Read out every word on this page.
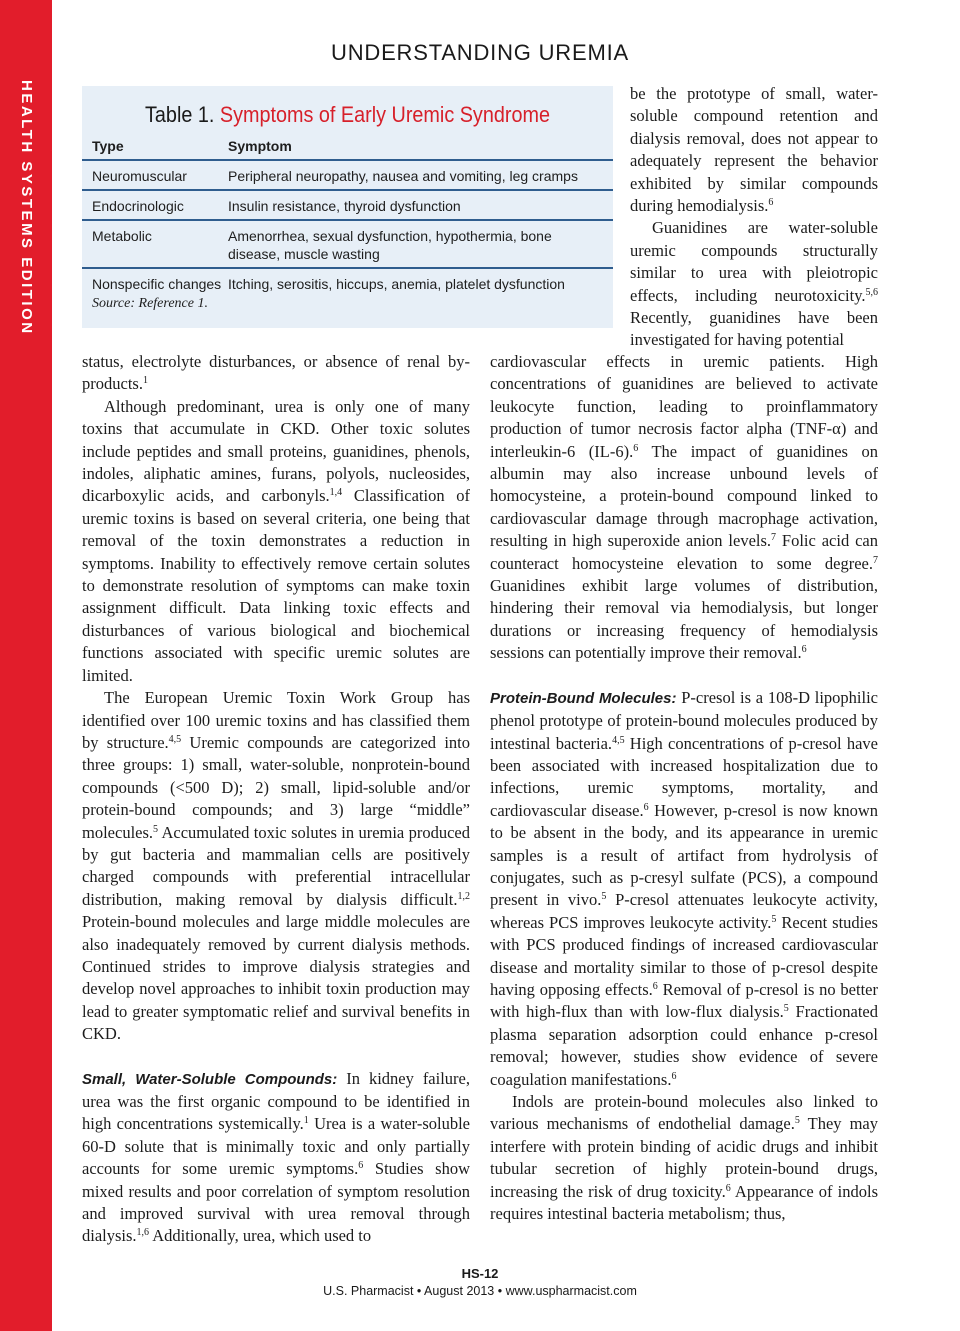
HEALTH SYSTEMS EDITION
UNDERSTANDING UREMIA
Table 1. Symptoms of Early Uremic Syndrome
Type	Symptom
Neuromuscular	Peripheral neuropathy, nausea and vomiting, leg cramps
Endocrinologic	Insulin resistance, thyroid dysfunction
Metabolic	Amenorrhea, sexual dysfunction, hypothermia, bone disease, muscle wasting
Nonspecific changes	Itching, serositis, hiccups, anemia, platelet dysfunction
Source: Reference 1.

be the prototype of small, water-soluble compound retention and dialysis removal, does not appear to adequately represent the behavior exhibited by similar compounds during hemodialysis.$^6$

Guanidines are water-soluble uremic compounds structurally similar to urea with pleiotropic effects, including neurotoxicity.$^{5,6}$ Recently, guanidines have been investigated for having potential

status, electrolyte disturbances, or absence of renal by-products.$^1$

Although predominant, urea is only one of many toxins that accumulate in CKD. Other toxic solutes include peptides and small proteins, guanidines, phenols, indoles, aliphatic amines, furans, polyols, nucleosides, dicarboxylic acids, and carbonyls.$^{1,4}$ Classification of uremic toxins is based on several criteria, one being that removal of the toxin demonstrates a reduction in symptoms. Inability to effectively remove certain solutes to demonstrate resolution of symptoms can make toxin assignment difficult. Data linking toxic effects and disturbances of various biological and biochemical functions associated with specific uremic solutes are limited.

The European Uremic Toxin Work Group has identified over 100 uremic toxins and has classified them by structure.$^{4,5}$ Uremic compounds are categorized into three groups: 1) small, water-soluble, nonprotein-bound compounds (<500 D); 2) small, lipid-soluble and/or protein-bound compounds; and 3) large “middle” molecules.$^5$ Accumulated toxic solutes in uremia produced by gut bacteria and mammalian cells are positively charged compounds with preferential intracellular distribution, making removal by dialysis difficult.$^{1,2}$ Protein-bound molecules and large middle molecules are also inadequately removed by current dialysis methods. Continued strides to improve dialysis strategies and develop novel approaches to inhibit toxin production may lead to greater symptomatic relief and survival benefits in CKD.

Small, Water-Soluble Compounds: In kidney failure, urea was the first organic compound to be identified in high concentrations systemically.$^1$ Urea is a water-soluble 60-D solute that is minimally toxic and only partially accounts for some uremic symptoms.$^6$ Studies show mixed results and poor correlation of symptom resolution and improved survival with urea removal through dialysis.$^{1,6}$ Additionally, urea, which used to

cardiovascular effects in uremic patients. High concentrations of guanidines are believed to activate leukocyte function, leading to proinflammatory production of tumor necrosis factor alpha (TNF-α) and interleukin-6 (IL-6).$^6$ The impact of guanidines on albumin may also increase unbound levels of homocysteine, a protein-bound compound linked to cardiovascular damage through macrophage activation, resulting in high superoxide anion levels.$^7$ Folic acid can counteract homocysteine elevation to some degree.$^7$ Guanidines exhibit large volumes of distribution, hindering their removal via hemodialysis, but longer durations or increasing frequency of hemodialysis sessions can potentially improve their removal.$^6$

Protein-Bound Molecules: P-cresol is a 108-D lipophilic phenol prototype of protein-bound molecules produced by intestinal bacteria.$^{4,5}$ High concentrations of p-cresol have been associated with increased hospitalization due to infections, uremic symptoms, mortality, and cardiovascular disease.$^6$ However, p-cresol is now known to be absent in the body, and its appearance in uremic samples is a result of artifact from hydrolysis of conjugates, such as p-cresyl sulfate (PCS), a compound present in vivo.$^5$ P-cresol attenuates leukocyte activity, whereas PCS improves leukocyte activity.$^5$ Recent studies with PCS produced findings of increased cardiovascular disease and mortality similar to those of p-cresol despite having opposing effects.$^6$ Removal of p-cresol is no better with high-flux than with low-flux dialysis.$^5$ Fractionated plasma separation adsorption could enhance p-cresol removal; however, studies show evidence of severe coagulation manifestations.$^6$

Indols are protein-bound molecules also linked to various mechanisms of endothelial damage.$^5$ They may interfere with protein binding of acidic drugs and inhibit tubular secretion of highly protein-bound drugs, increasing the risk of drug toxicity.$^6$ Appearance of indols requires intestinal bacteria metabolism; thus,

HS-12
U.S. Pharmacist • August 2013 • www.uspharmacist.com
